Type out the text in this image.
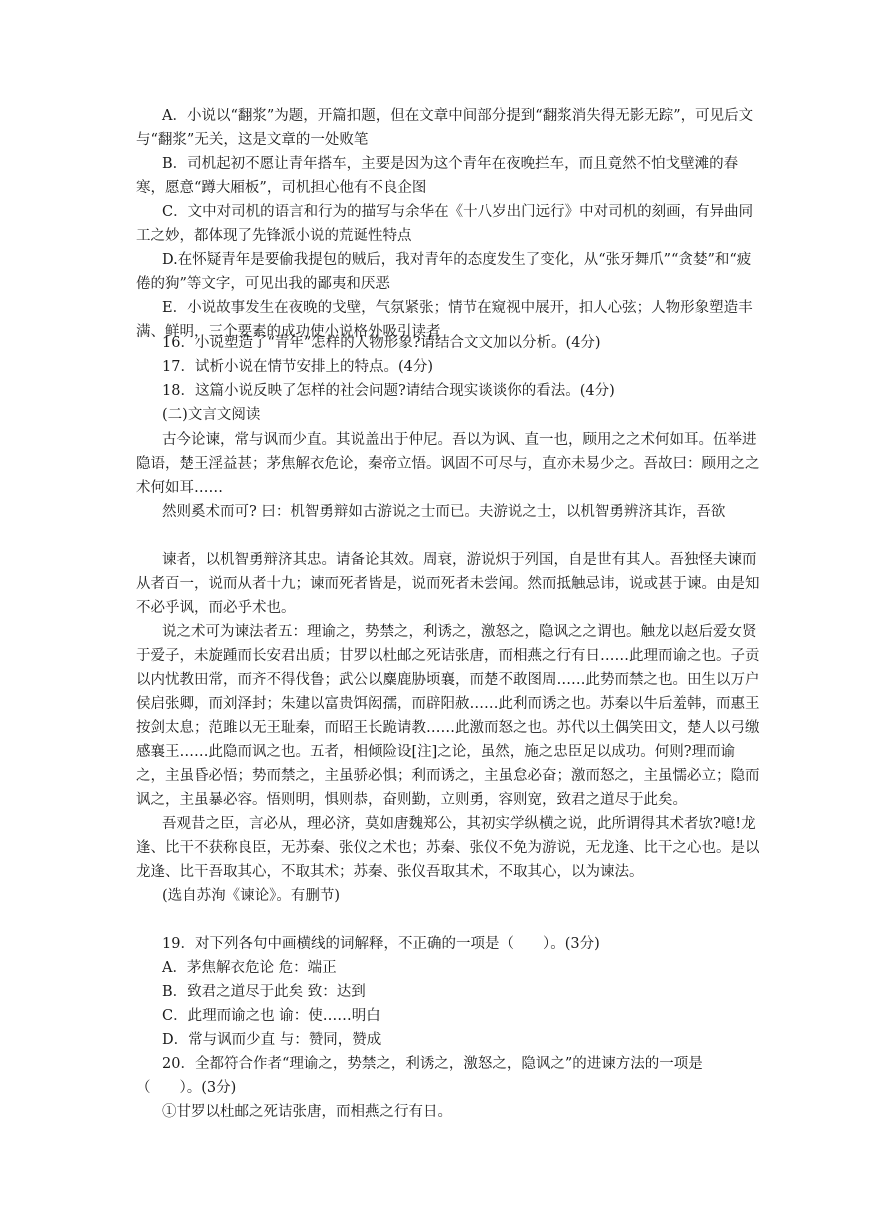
A．小说以“翻浆”为题，开篇扣题，但在文章中间部分提到“翻浆消失得无影无踪”，可见后文与“翻浆”无关，这是文章的一处败笔
B．司机起初不愿让青年搭车，主要是因为这个青年在夜晚拦车，而且竟然不怕戈壁滩的春寒，愿意“蹲大厢板”，司机担心他有不良企图
C．文中对司机的语言和行为的描写与余华在《十八岁出门远行》中对司机的刻画，有异曲同工之妙，都体现了先锋派小说的荒诞性特点
D.在怀疑青年是要偷我提包的贼后，我对青年的态度发生了变化，从“张牙舞爪”“贪婪”和“疲倦的狗”等文字，可见出我的鄙夷和厌恶
E．小说故事发生在夜晚的戈壁，气氛紧张；情节在窥视中展开，扣人心弦；人物形象塑造丰满、鲜明，三个要素的成功使小说格外吸引读者
16．小说塑造了“青年”怎样的人物形象?请结合文文加以分析。(4分)
17．试析小说在情节安排上的特点。(4分)
18．这篇小说反映了怎样的社会问题?请结合现实谈谈你的看法。(4分)
(二)文言文阅读
古今论谏，常与讽而少直。其说盖出于仲尼。吾以为讽、直一也，顾用之之术何如耳。伍举进隐语，楚王淫益甚；茅焦解衣危论，秦帝立悟。讽固不可尽与，直亦未易少之。吾故曰：顾用之之术何如耳……
然则奚术而可? 曰：机智勇辩如古游说之士而已。夫游说之士，以机智勇辨济其诈，吾欲
谏者，以机智勇辩济其忠。请备论其效。周衰，游说炽于列国，自是世有其人。吾独怪夫谏而从者百一，说而从者十九；谏而死者皆是，说而死者未尝闻。然而抵触忌讳，说或甚于谏。由是知不必乎讽，而必乎术也。
说之术可为谏法者五：理谕之，势禁之，利诱之，激怒之，隐讽之之谓也。触龙以赵后爱女贤于爱子，未旋踵而长安君出质；甘罗以杜邮之死诘张唐，而相燕之行有日……此理而谕之也。子贡以内忧教田常，而齐不得伐鲁；武公以麋鹿胁顷襄，而楚不敢图周……此势而禁之也。田生以万户侯启张卿，而刘泽封；朱建以富贵饵闳孺，而辟阳赦……此利而诱之也。苏秦以牛后羞韩，而惠王按剑太息；范雎以无王耻秦，而昭王长跪请教……此激而怒之也。苏代以土偶笑田文，楚人以弓缴感襄王……此隐而讽之也。五者，相倾险设[注]之论，虽然，施之忠臣足以成功。何则?理而谕之，主虽昏必悟；势而禁之，主虽骄必惧；利而诱之，主虽怠必奋；激而怒之，主虽懦必立；隐而讽之，主虽暴必容。悟则明，惧则恭，奋则勤，立则勇，容则宽，致君之道尽于此矣。
吾观昔之臣，言必从，理必济，莫如唐魏郑公，其初实学纵横之说，此所谓得其术者欤?噫!龙逢、比干不获称良臣，无苏秦、张仪之术也；苏秦、张仪不免为游说，无龙逢、比干之心也。是以龙逢、比干吾取其心，不取其术；苏秦、张仪吾取其术，不取其心，以为谏法。
(选自苏洵《谏论》。有删节)
19．对下列各句中画横线的词解释，不正确的一项是（　　）。(3分)
A．茅焦解衣危论 危：端正
B．致君之道尽于此矣 致：达到
C．此理而谕之也 谕：使……明白
D．常与讽而少直 与：赞同，赞成
20．全都符合作者“理谕之，势禁之，利诱之，激怒之，隐讽之”的进谏方法的一项是（　　）。(3分)
①甘罗以杜邮之死诘张唐，而相燕之行有日。
